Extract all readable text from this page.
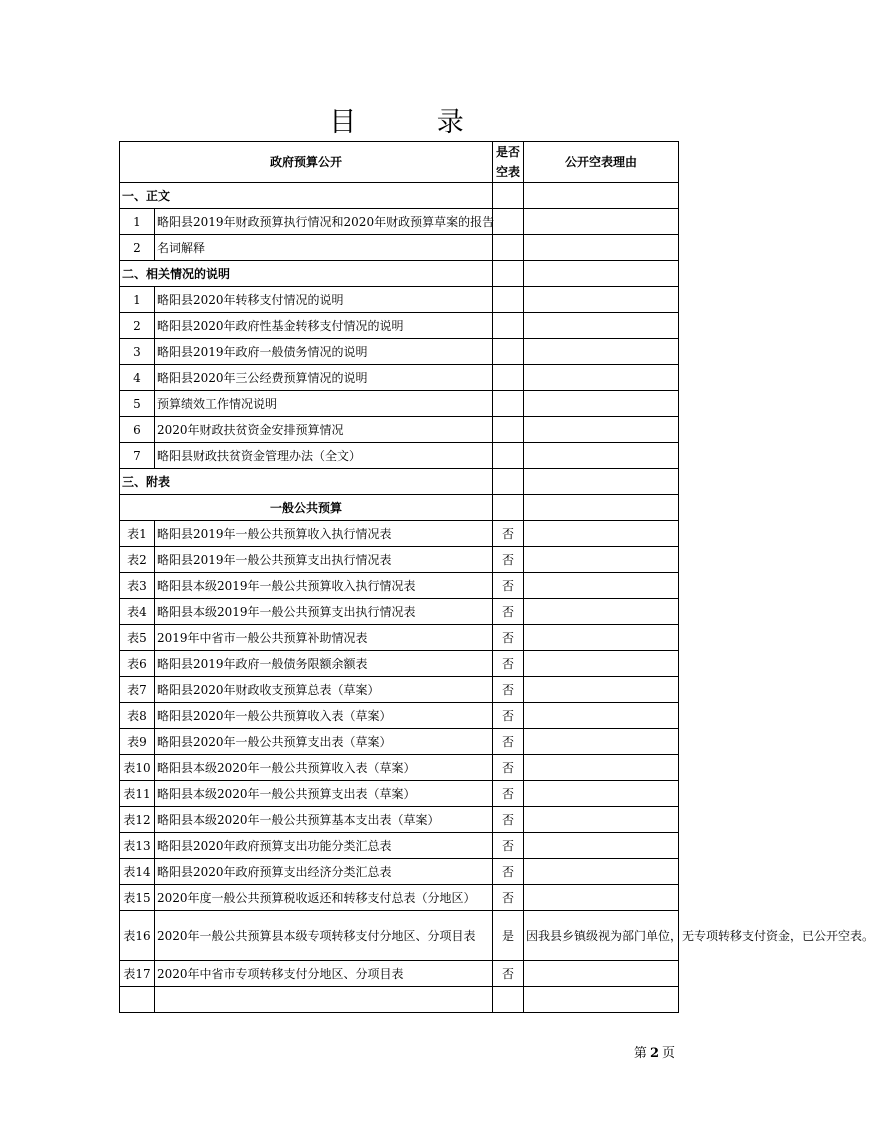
目 录
政府预算公开		是否空表	公开空表理由
一、正文			
1	略阳县2019年财政预算执行情况和2020年财政预算草案的报告		
2	名词解释		
二、相关情况的说明			
1	略阳县2020年转移支付情况的说明		
2	略阳县2020年政府性基金转移支付情况的说明		
3	略阳县2019年政府一般债务情况的说明		
4	略阳县2020年三公经费预算情况的说明		
5	预算绩效工作情况说明		
6	2020年财政扶贫资金安排预算情况		
7	略阳县财政扶贫资金管理办法（全文）		
三、附表			
一般公共预算			
表1	略阳县2019年一般公共预算收入执行情况表	否	
表2	略阳县2019年一般公共预算支出执行情况表	否	
表3	略阳县本级2019年一般公共预算收入执行情况表	否	
表4	略阳县本级2019年一般公共预算支出执行情况表	否	
表5	2019年中省市一般公共预算补助情况表	否	
表6	略阳县2019年政府一般债务限额余额表	否	
表7	略阳县2020年财政收支预算总表（草案）	否	
表8	略阳县2020年一般公共预算收入表（草案）	否	
表9	略阳县2020年一般公共预算支出表（草案）	否	
表10	略阳县本级2020年一般公共预算收入表（草案）	否	
表11	略阳县本级2020年一般公共预算支出表（草案）	否	
表12	略阳县本级2020年一般公共预算基本支出表（草案）	否	
表13	略阳县2020年政府预算支出功能分类汇总表	否	
表14	略阳县2020年政府预算支出经济分类汇总表	否	
表15	2020年度一般公共预算税收返还和转移支付总表（分地区）	否	
表16	2020年一般公共预算县本级专项转移支付分地区、分项目表	是	因我县乡镇级视为部门单位，无专项转移支付资金，已公开空表。
表17	2020年中省市专项转移支付分地区、分项目表	否	

第 2 页
